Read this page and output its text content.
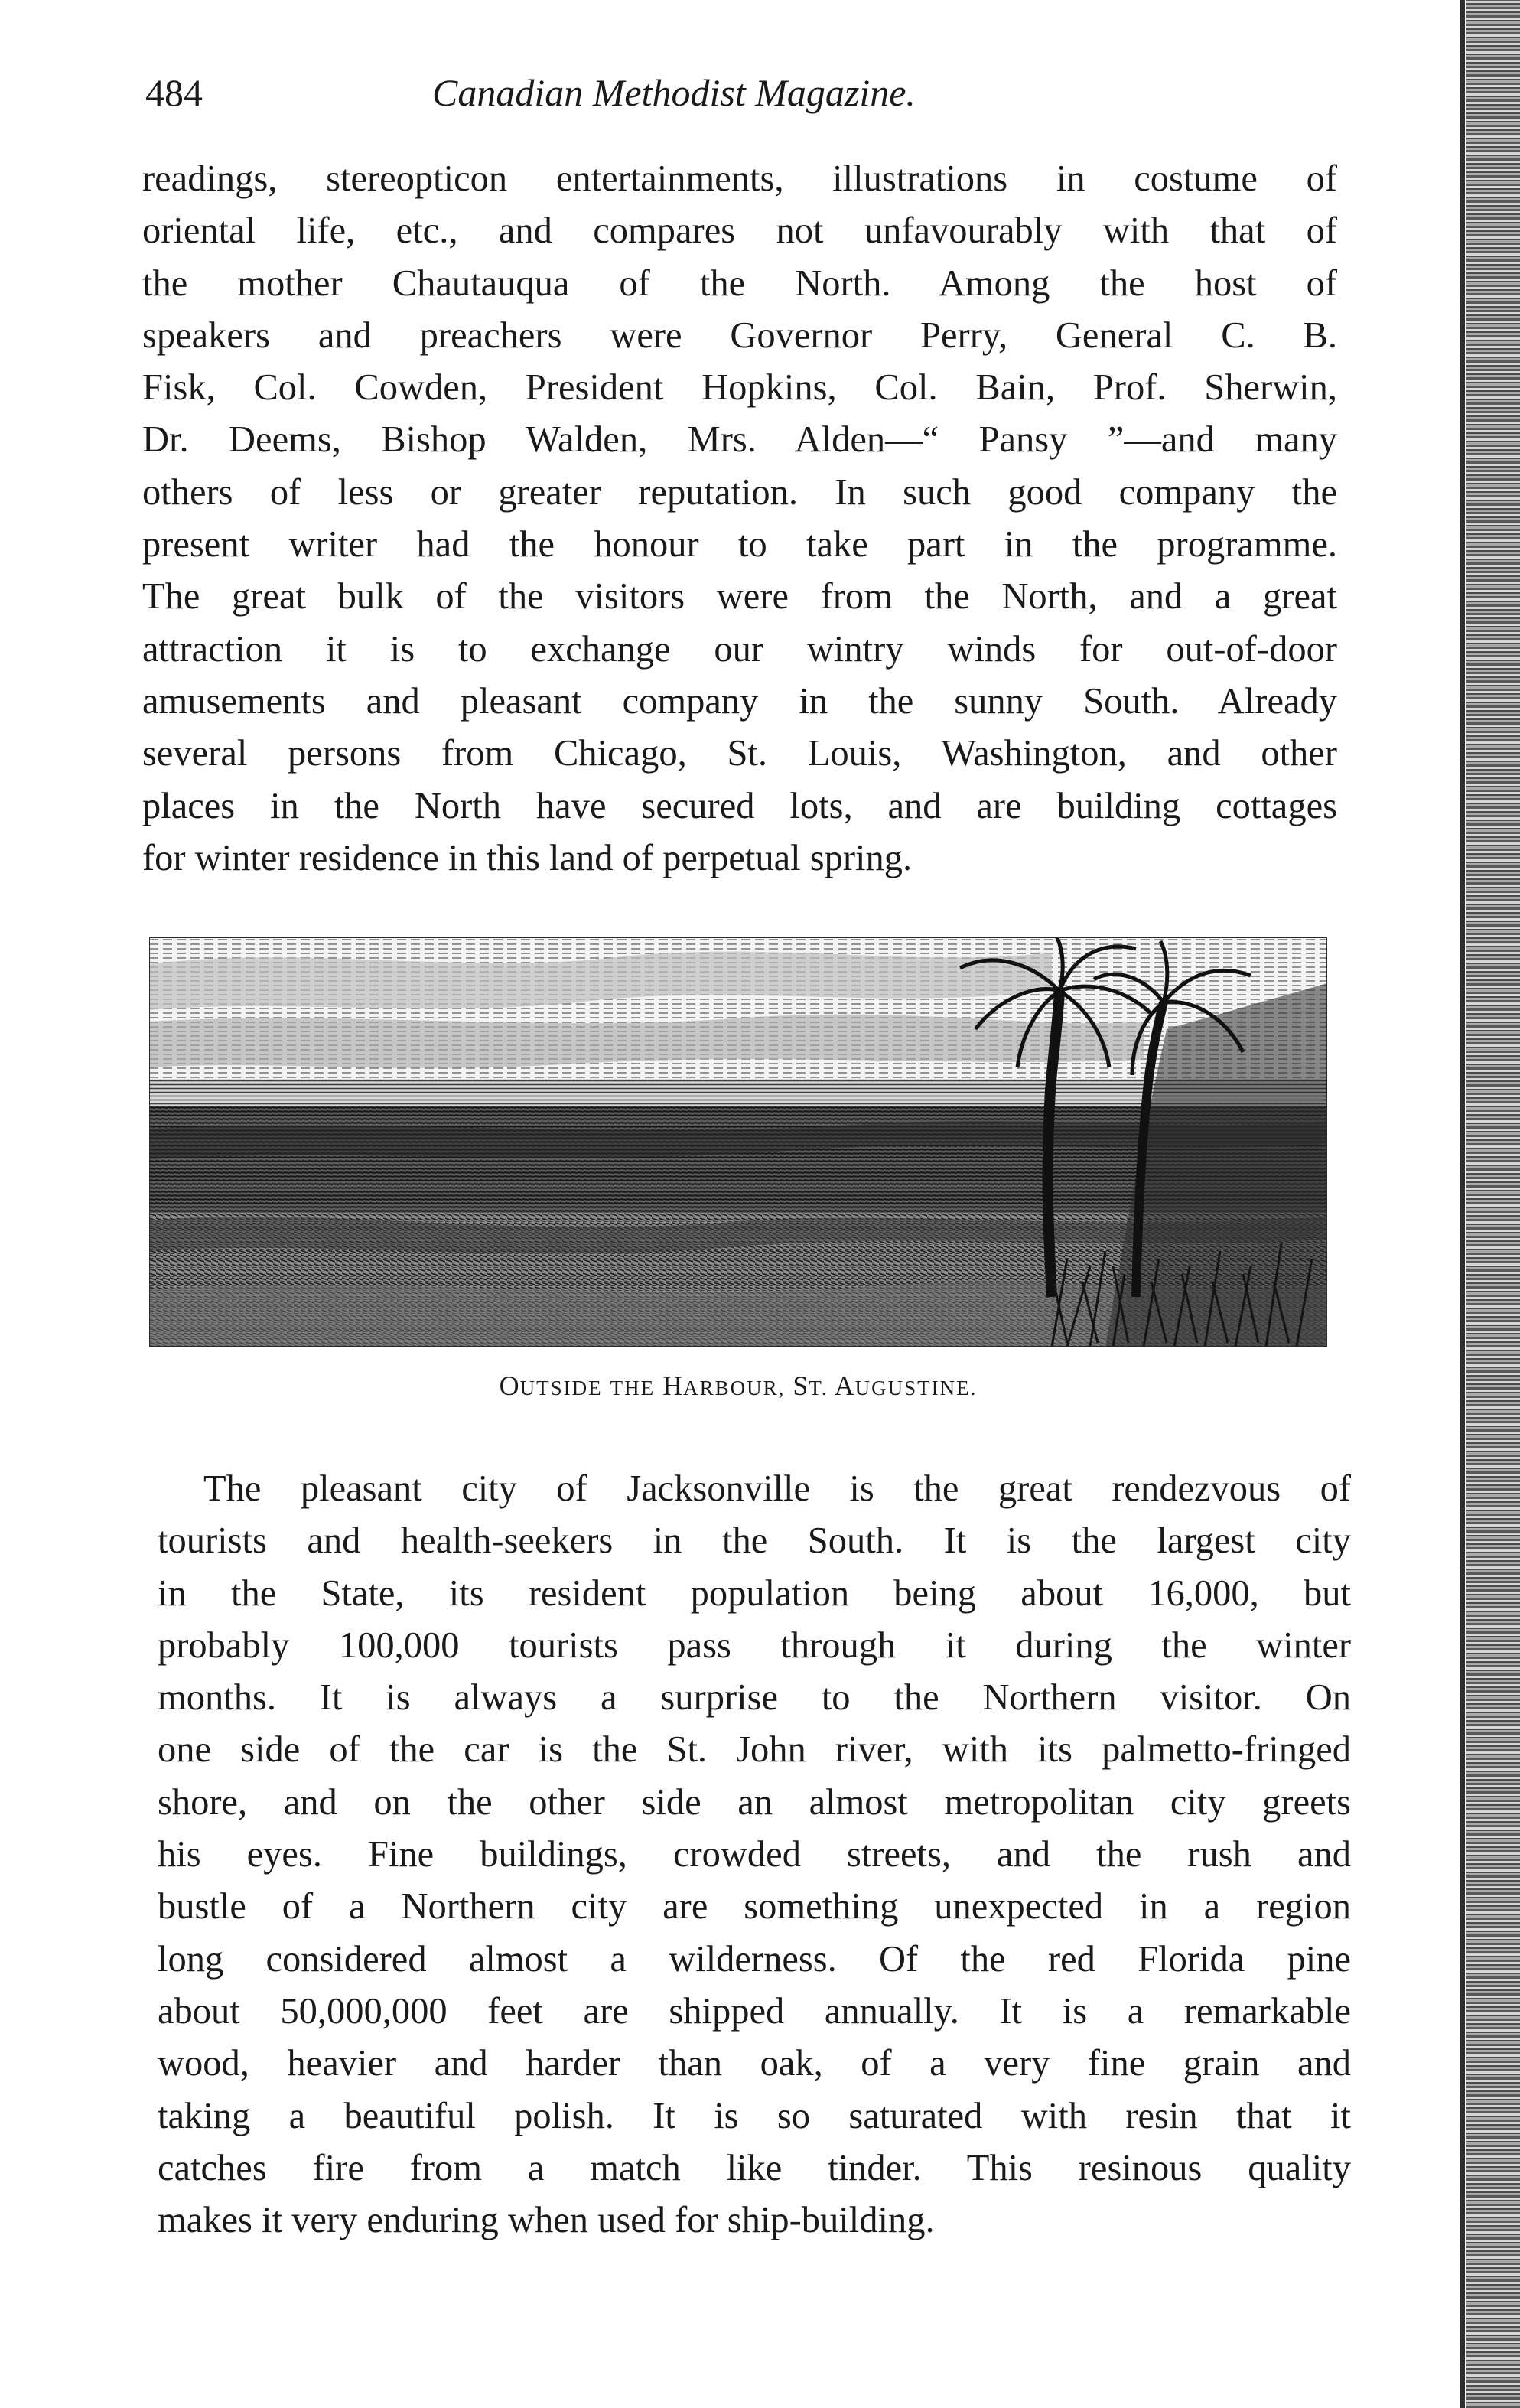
484	Canadian Methodist Magazine.
readings, stereopticon entertainments, illustrations in costume of
oriental life, etc., and compares not unfavourably with that of
the mother Chautauqua of the North. Among the host of
speakers and preachers were Governor Perry, General C. B.
Fisk, Col. Cowden, President Hopkins, Col. Bain, Prof. Sherwin,
Dr. Deems, Bishop Walden, Mrs. Alden—“ Pansy ”—and many
others of less or greater reputation. In such good company the
present writer had the honour to take part in the programme.
The great bulk of the visitors were from the North, and a great
attraction it is to exchange our wintry winds for out-of-door
amusements and pleasant company in the sunny South. Already
several persons from Chicago, St. Louis, Washington, and other
places in the North have secured lots, and are building cottages
for winter residence in this land of perpetual spring.
OUTSIDE THE HARBOUR, ST. AUGUSTINE.
The pleasant city of Jacksonville is the great rendezvous of
tourists and health-seekers in the South. It is the largest city
in the State, its resident population being about 16,000, but
probably 100,000 tourists pass through it during the winter
months. It is always a surprise to the Northern visitor. On
one side of the car is the St. John river, with its palmetto-fringed
shore, and on the other side an almost metropolitan city greets
his eyes. Fine buildings, crowded streets, and the rush and
bustle of a Northern city are something unexpected in a region
long considered almost a wilderness. Of the red Florida pine
about 50,000,000 feet are shipped annually. It is a remarkable
wood, heavier and harder than oak, of a very fine grain and
taking a beautiful polish. It is so saturated with resin that it
catches fire from a match like tinder. This resinous quality
makes it very enduring when used for ship-building.
